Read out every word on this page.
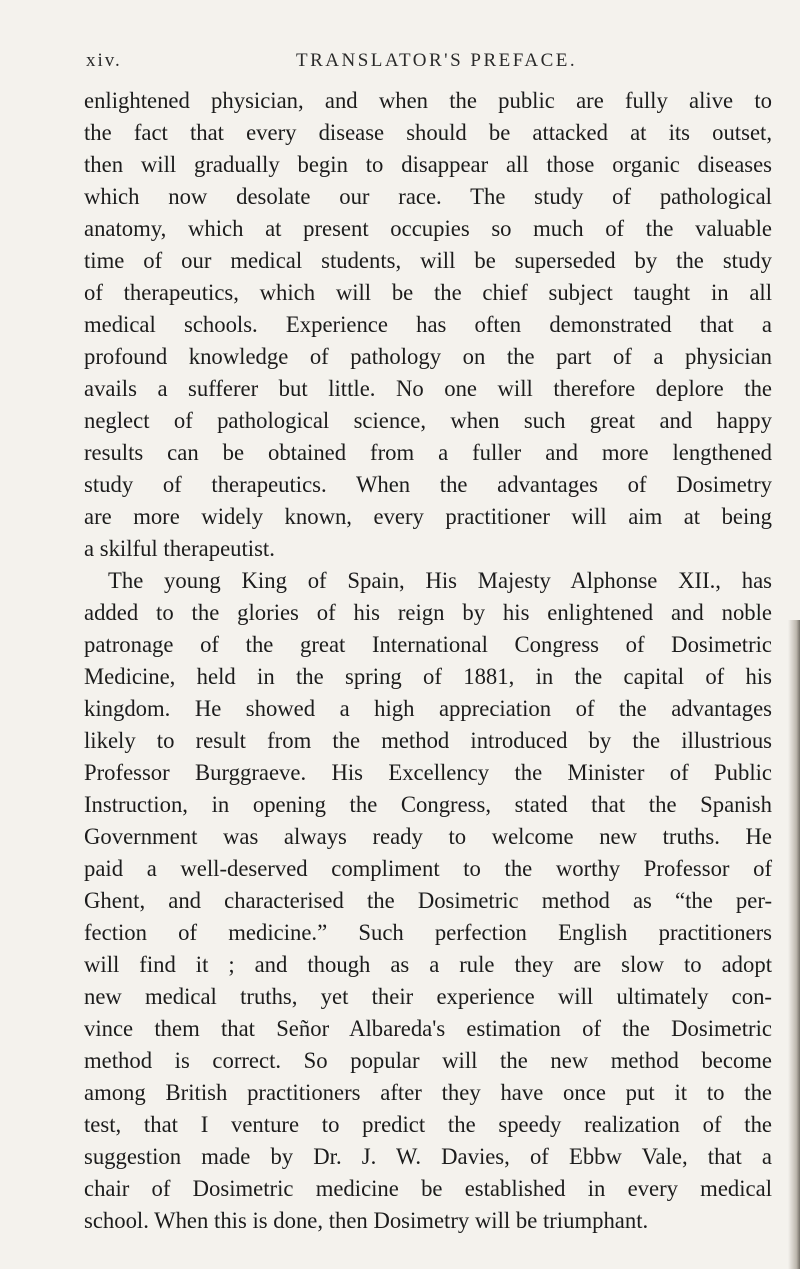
xiv.	TRANSLATOR'S PREFACE.
enlightened physician, and when the public are fully alive to
the fact that every disease should be attacked at its outset,
then will gradually begin to disappear all those organic diseases
which now desolate our race. The study of pathological
anatomy, which at present occupies so much of the valuable
time of our medical students, will be superseded by the study
of therapeutics, which will be the chief subject taught in all
medical schools. Experience has often demonstrated that a
profound knowledge of pathology on the part of a physician
avails a sufferer but little. No one will therefore deplore the
neglect of pathological science, when such great and happy
results can be obtained from a fuller and more lengthened
study of therapeutics. When the advantages of Dosimetry
are more widely known, every practitioner will aim at being
a skilful therapeutist.
The young King of Spain, His Majesty Alphonse XII., has
added to the glories of his reign by his enlightened and noble
patronage of the great International Congress of Dosimetric
Medicine, held in the spring of 1881, in the capital of his
kingdom. He showed a high appreciation of the advantages
likely to result from the method introduced by the illustrious
Professor Burggraeve. His Excellency the Minister of Public
Instruction, in opening the Congress, stated that the Spanish
Government was always ready to welcome new truths. He
paid a well-deserved compliment to the worthy Professor of
Ghent, and characterised the Dosimetric method as “the per-
fection of medicine.” Such perfection English practitioners
will find it ; and though as a rule they are slow to adopt
new medical truths, yet their experience will ultimately con-
vince them that Señor Albareda's estimation of the Dosimetric
method is correct. So popular will the new method become
among British practitioners after they have once put it to the
test, that I venture to predict the speedy realization of the
suggestion made by Dr. J. W. Davies, of Ebbw Vale, that a
chair of Dosimetric medicine be established in every medical
school. When this is done, then Dosimetry will be triumphant.
